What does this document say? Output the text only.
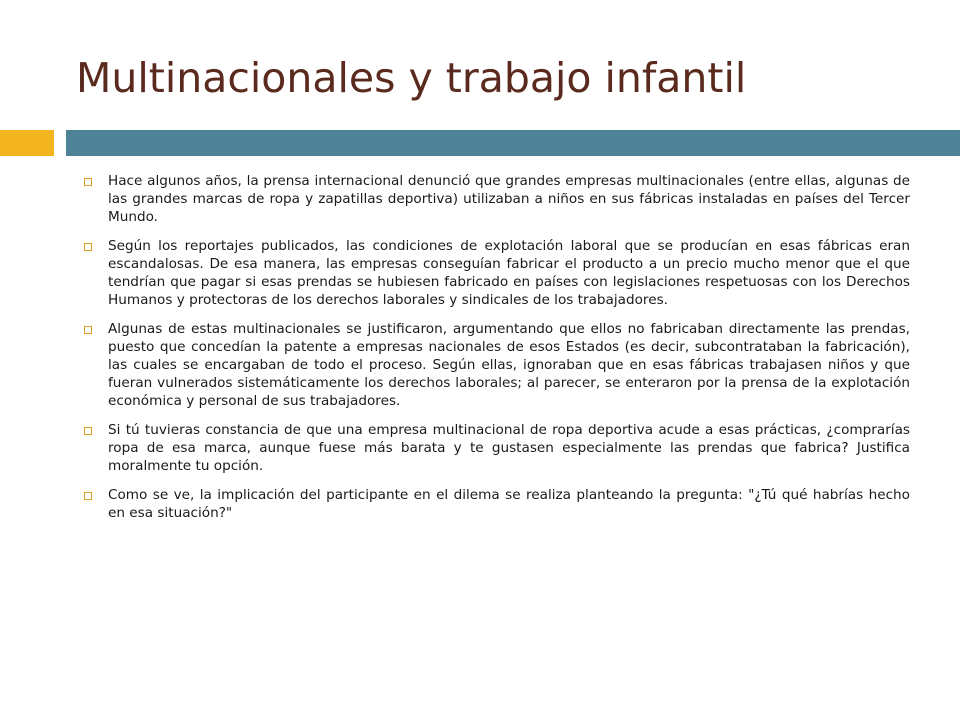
Multinacionales y trabajo infantil
Hace algunos años, la prensa internacional denunció que grandes empresas multinacionales (entre ellas, algunas de las grandes marcas de ropa y zapatillas deportiva) utilizaban a niños en sus fábricas instaladas en países del Tercer Mundo.
Según los reportajes publicados, las condiciones de explotación laboral que se producían en esas fábricas eran escandalosas. De esa manera, las empresas conseguían fabricar el producto a un precio mucho menor que el que tendrían que pagar si esas prendas se hubiesen fabricado en países con legislaciones respetuosas con los Derechos Humanos y protectoras de los derechos laborales y sindicales de los trabajadores.
Algunas de estas multinacionales se justificaron, argumentando que ellos no fabricaban directamente las prendas, puesto que concedían la patente a empresas nacionales de esos Estados (es decir, subcontrataban la fabricación), las cuales se encargaban de todo el proceso. Según ellas, ignoraban que en esas fábricas trabajasen niños y que fueran vulnerados sistemáticamente los derechos laborales; al parecer, se enteraron por la prensa de la explotación económica y personal de sus trabajadores.
Si tú tuvieras constancia de que una empresa multinacional de ropa deportiva acude a esas prácticas, ¿comprarías ropa de esa marca, aunque fuese más barata y te gustasen especialmente las prendas que fabrica? Justifica moralmente tu opción.
Como se ve, la implicación del participante en el dilema se realiza planteando la pregunta: "¿Tú qué habrías hecho en esa situación?"
